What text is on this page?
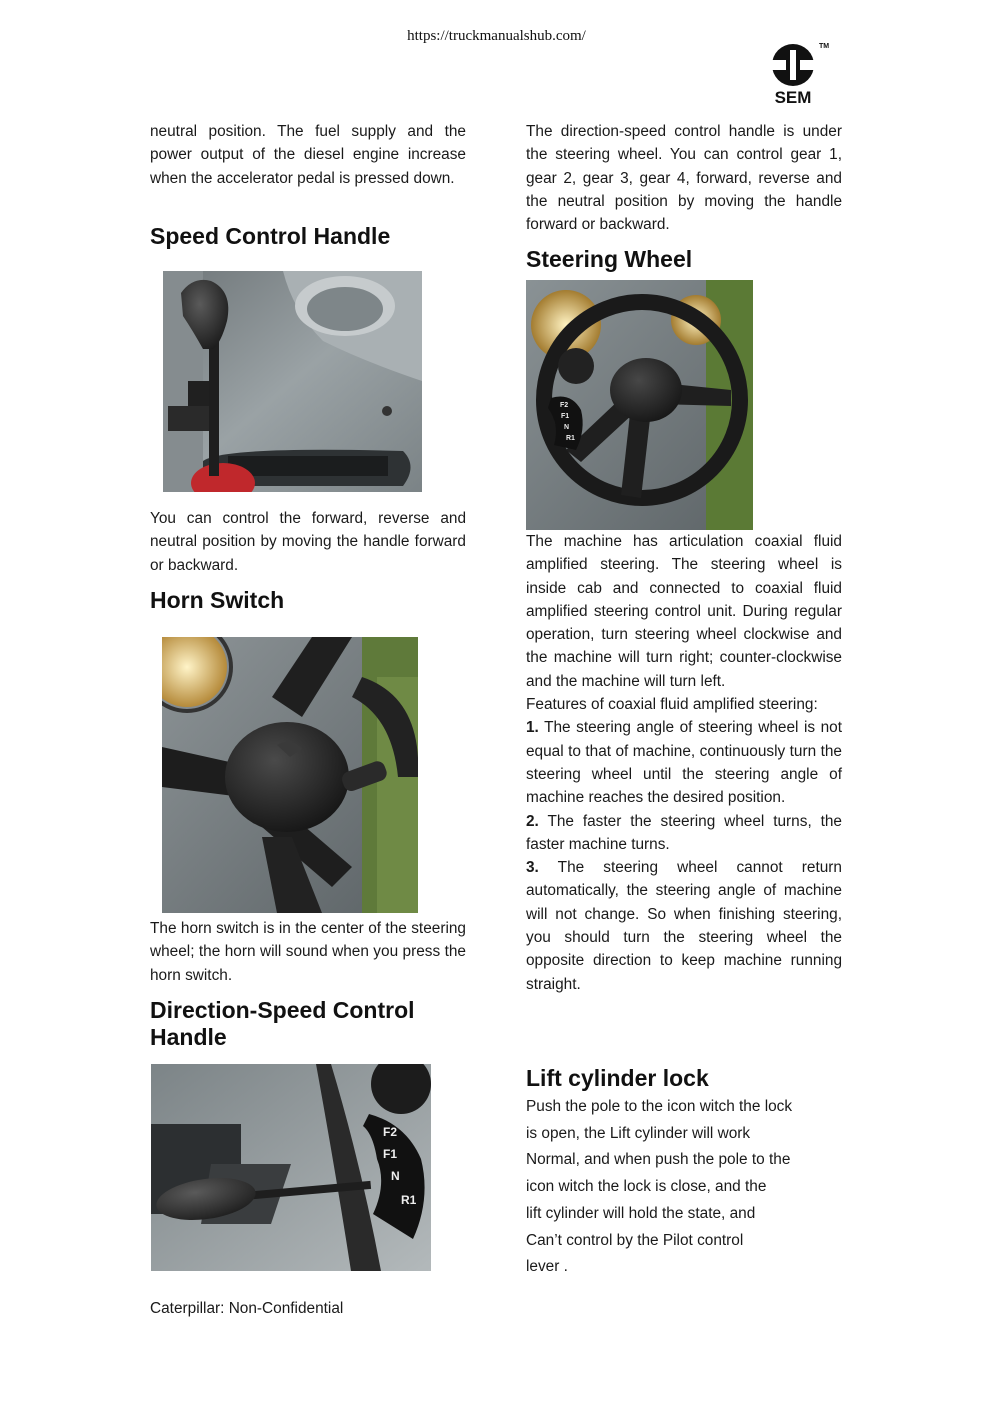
https://truckmanualshub.com/
TM
SEM

neutral position. The fuel supply and the power output of the diesel engine increase when the accelerator pedal is pressed down.

Speed Control Handle

You can control the forward, reverse and neutral position by moving the handle forward or backward.

Horn Switch

The horn switch is in the center of the steering wheel; the horn will sound when you press the horn switch.

Direction-Speed Control
Handle
F2
F1
N
R1

The direction-speed control handle is under the steering wheel. You can control gear 1, gear 2, gear 3, gear 4, forward, reverse and the neutral position by moving the handle forward or backward.

Steering Wheel
F2
F1
N
R1

The machine has articulation coaxial fluid amplified steering. The steering wheel is inside cab and connected to coaxial fluid amplified steering control unit. During regular operation, turn steering wheel clockwise and the machine will turn right; counter-clockwise and the machine will turn left.

Features of coaxial fluid amplified steering:

1. The steering angle of steering wheel is not equal to that of machine, continuously turn the steering wheel until the steering angle of machine reaches the desired position.

2. The faster the steering wheel turns, the faster machine turns.

3. The steering wheel cannot return automatically, the steering angle of machine will not change. So when finishing steering, you should turn the steering wheel the opposite direction to keep machine running straight.

Lift cylinder lock

Push the pole to the icon witch the lock

is open, the Lift cylinder will work

Normal, and when push the pole to the

icon witch the lock is close, and the

lift cylinder will hold the state, and

Can’t control by the Pilot control

lever .

Caterpillar: Non-Confidential
